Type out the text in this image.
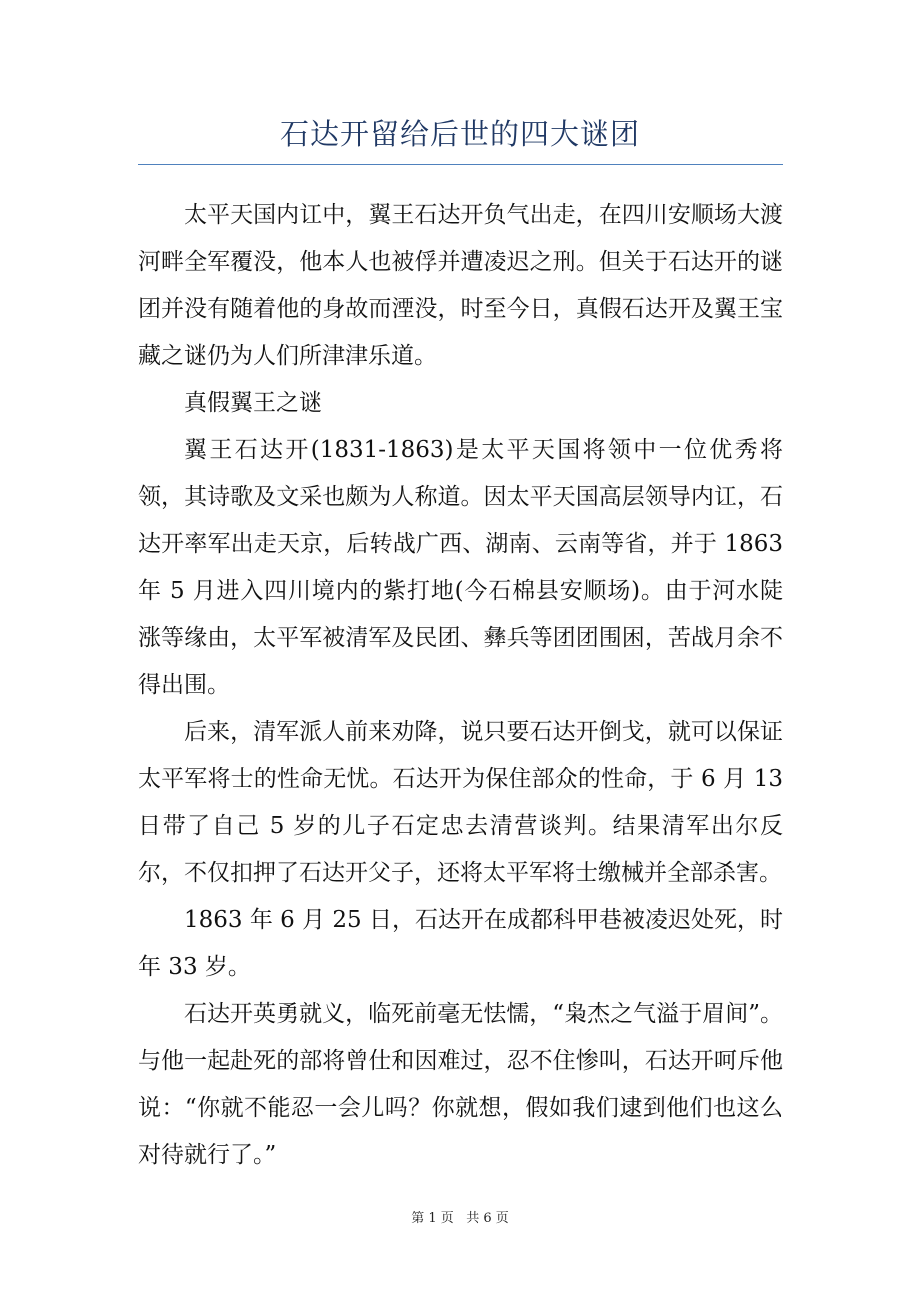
石达开留给后世的四大谜团

太平天国内讧中，翼王石达开负气出走，在四川安顺场大渡河畔全军覆没，他本人也被俘并遭凌迟之刑。但关于石达开的谜团并没有随着他的身故而湮没，时至今日，真假石达开及翼王宝藏之谜仍为人们所津津乐道。

真假翼王之谜

翼王石达开(1831-1863)是太平天国将领中一位优秀将领，其诗歌及文采也颇为人称道。因太平天国高层领导内讧，石达开率军出走天京，后转战广西、湖南、云南等省，并于 1863 年 5 月进入四川境内的紫打地(今石棉县安顺场)。由于河水陡涨等缘由，太平军被清军及民团、彝兵等团团围困，苦战月余不得出围。

后来，清军派人前来劝降，说只要石达开倒戈，就可以保证太平军将士的性命无忧。石达开为保住部众的性命，于 6 月 13 日带了自己 5 岁的儿子石定忠去清营谈判。结果清军出尔反尔，不仅扣押了石达开父子，还将太平军将士缴械并全部杀害。

1863 年 6 月 25 日，石达开在成都科甲巷被凌迟处死，时年 33 岁。

石达开英勇就义，临死前毫无怯懦，“枭杰之气溢于眉间”。与他一起赴死的部将曾仕和因难过，忍不住惨叫，石达开呵斥他说：“你就不能忍一会儿吗？你就想，假如我们逮到他们也这么对待就行了。”

第 1 页 共 6 页
